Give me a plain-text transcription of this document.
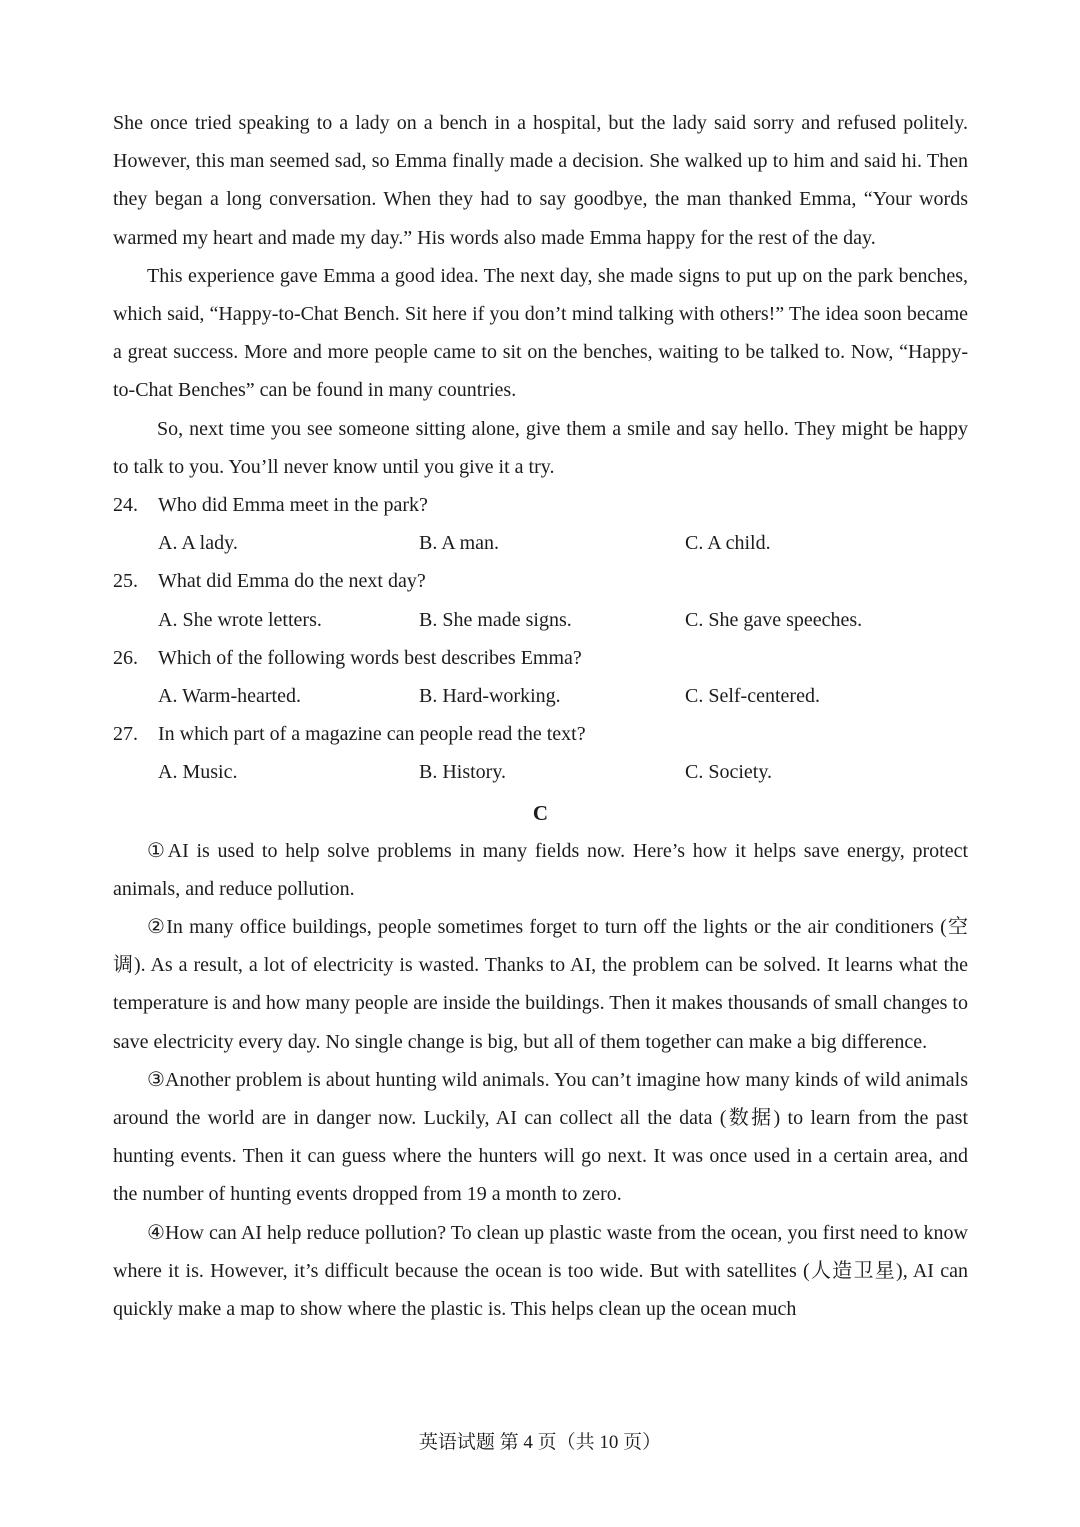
She once tried speaking to a lady on a bench in a hospital, but the lady said sorry and refused politely. However, this man seemed sad, so Emma finally made a decision. She walked up to him and said hi. Then they began a long conversation. When they had to say goodbye, the man thanked Emma, “Your words warmed my heart and made my day.” His words also made Emma happy for the rest of the day.

This experience gave Emma a good idea. The next day, she made signs to put up on the park benches, which said, “Happy-to-Chat Bench. Sit here if you don’t mind talking with others!” The idea soon became a great success. More and more people came to sit on the benches, waiting to be talked to. Now, “Happy-to-Chat Benches” can be found in many countries.

So, next time you see someone sitting alone, give them a smile and say hello. They might be happy to talk to you. You’ll never know until you give it a try.

24. Who did Emma meet in the park?

A. A lady.	B. A man.	C. A child.

25. What did Emma do the next day?

A. She wrote letters.	B. She made signs.	C. She gave speeches.

26. Which of the following words best describes Emma?

A. Warm-hearted.	B. Hard-working.	C. Self-centered.

27. In which part of a magazine can people read the text?

A. Music.	B. History.	C. Society.

C

①AI is used to help solve problems in many fields now. Here’s how it helps save energy, protect animals, and reduce pollution.

②In many office buildings, people sometimes forget to turn off the lights or the air conditioners (空调). As a result, a lot of electricity is wasted. Thanks to AI, the problem can be solved. It learns what the temperature is and how many people are inside the buildings. Then it makes thousands of small changes to save electricity every day. No single change is big, but all of them together can make a big difference.

③Another problem is about hunting wild animals. You can’t imagine how many kinds of wild animals around the world are in danger now. Luckily, AI can collect all the data (数据) to learn from the past hunting events. Then it can guess where the hunters will go next. It was once used in a certain area, and the number of hunting events dropped from 19 a month to zero.

④How can AI help reduce pollution? To clean up plastic waste from the ocean, you first need to know where it is. However, it’s difficult because the ocean is too wide. But with satellites (人造卫星), AI can quickly make a map to show where the plastic is. This helps clean up the ocean much

英语试题 第 4 页（共 10 页）
